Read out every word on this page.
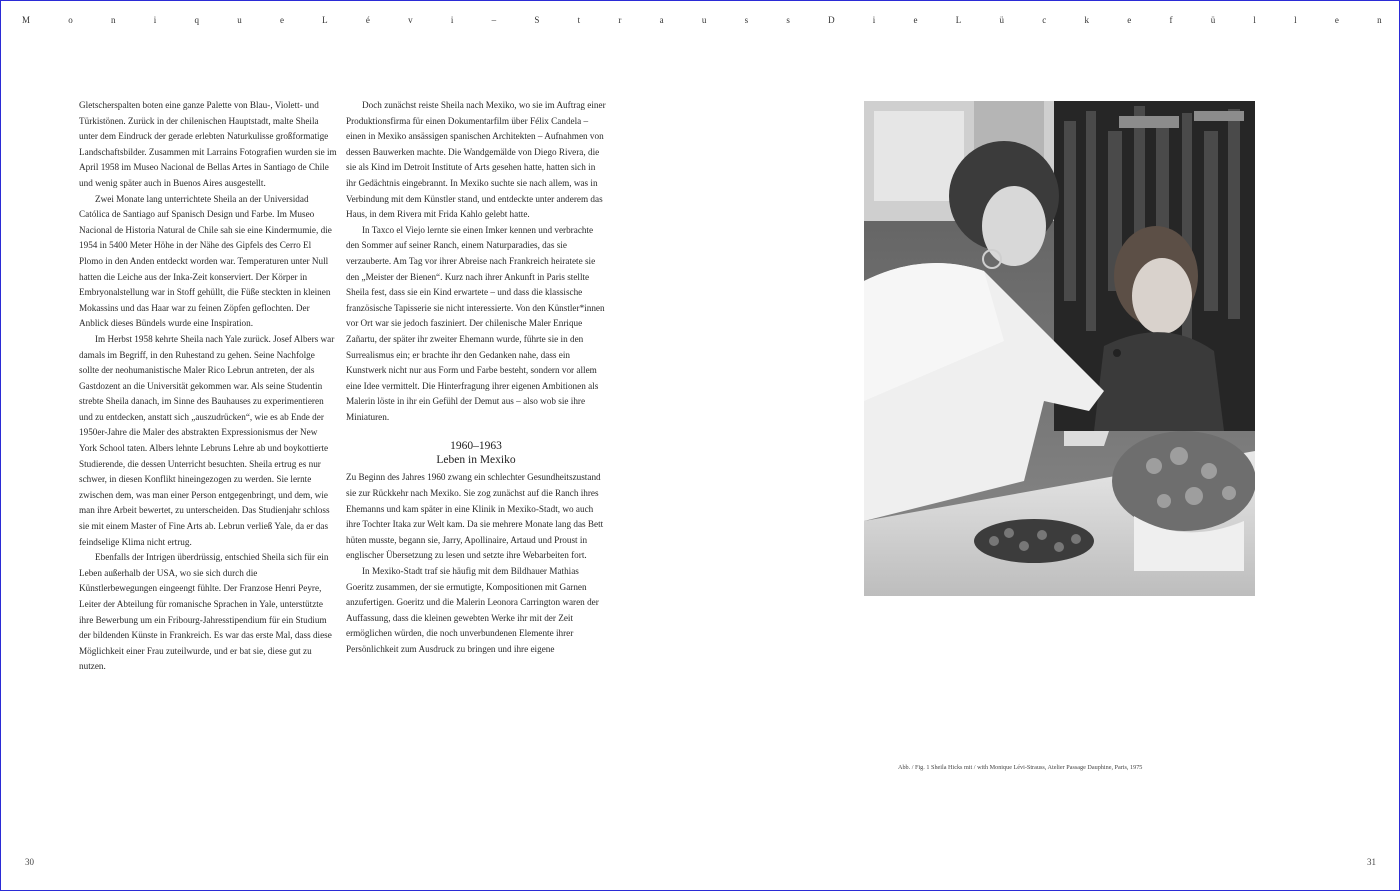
M	o	n	i	q	u	e	L	é	v	i	–	S	t	r	a	u	s	s	D	i	e	L	ü	c	k	e	f	ü	l	l	e	n

Gletscherspalten boten eine ganze Palette von Blau-, Violett- und Türkistönen. Zurück in der chilenischen Hauptstadt, malte Sheila unter dem Eindruck der gerade erlebten Naturkulisse großformatige Landschaftsbilder. Zusammen mit Larrains Fotografien wurden sie im April 1958 im Museo Nacional de Bellas Artes in Santiago de Chile und wenig später auch in Buenos Aires ausgestellt.

Zwei Monate lang unterrichtete Sheila an der Universidad Católica de Santiago auf Spanisch Design und Farbe. Im Museo Nacional de Historia Natural de Chile sah sie eine Kindermumie, die 1954 in 5400 Meter Höhe in der Nähe des Gipfels des Cerro El Plomo in den Anden entdeckt worden war. Temperaturen unter Null hatten die Leiche aus der Inka-Zeit konserviert. Der Körper in Embryonalstellung war in Stoff gehüllt, die Füße steckten in kleinen Mokassins und das Haar war zu feinen Zöpfen geflochten. Der Anblick dieses Bündels wurde eine Inspiration.

Im Herbst 1958 kehrte Sheila nach Yale zurück. Josef Albers war damals im Begriff, in den Ruhestand zu gehen. Seine Nachfolge sollte der neohumanistische Maler Rico Lebrun antreten, der als Gastdozent an die Universität gekommen war. Als seine Studentin strebte Sheila danach, im Sinne des Bauhauses zu experimentieren und zu entdecken, anstatt sich „auszudrücken“, wie es ab Ende der 1950er-Jahre die Maler des abstrakten Expressionismus der New York School taten. Albers lehnte Lebruns Lehre ab und boykottierte Studierende, die dessen Unterricht besuchten. Sheila ertrug es nur schwer, in diesen Konflikt hineingezogen zu werden. Sie lernte zwischen dem, was man einer Person entgegenbringt, und dem, wie man ihre Arbeit bewertet, zu unterscheiden. Das Studienjahr schloss sie mit einem Master of Fine Arts ab. Lebrun verließ Yale, da er das feindselige Klima nicht ertrug.

Ebenfalls der Intrigen überdrüssig, entschied Sheila sich für ein Leben außerhalb der USA, wo sie sich durch die Künstlerbewegungen eingeengt fühlte. Der Franzose Henri Peyre, Leiter der Abteilung für romanische Sprachen in Yale, unterstützte ihre Bewerbung um ein Fribourg-Jahresstipendium für ein Studium der bildenden Künste in Frankreich. Es war das erste Mal, dass diese Möglichkeit einer Frau zuteilwurde, und er bat sie, diese gut zu nutzen.

Doch zunächst reiste Sheila nach Mexiko, wo sie im Auftrag einer Produktionsfirma für einen Dokumentarfilm über Félix Candela – einen in Mexiko ansässigen spanischen Architekten – Aufnahmen von dessen Bauwerken machte. Die Wandgemälde von Diego Rivera, die sie als Kind im Detroit Institute of Arts gesehen hatte, hatten sich in ihr Gedächtnis eingebrannt. In Mexiko suchte sie nach allem, was in Verbindung mit dem Künstler stand, und entdeckte unter anderem das Haus, in dem Rivera mit Frida Kahlo gelebt hatte.

In Taxco el Viejo lernte sie einen Imker kennen und verbrachte den Sommer auf seiner Ranch, einem Naturparadies, das sie verzauberte. Am Tag vor ihrer Abreise nach Frankreich heiratete sie den „Meister der Bienen“. Kurz nach ihrer Ankunft in Paris stellte Sheila fest, dass sie ein Kind erwartete – und dass die klassische französische Tapisserie sie nicht interessierte. Von den Künstler*innen vor Ort war sie jedoch fasziniert. Der chilenische Maler Enrique Zañartu, der später ihr zweiter Ehemann wurde, führte sie in den Surrealismus ein; er brachte ihr den Gedanken nahe, dass ein Kunstwerk nicht nur aus Form und Farbe besteht, sondern vor allem eine Idee vermittelt. Die Hinterfragung ihrer eigenen Ambitionen als Malerin löste in ihr ein Gefühl der Demut aus – also wob sie ihre Miniaturen.

1960–1963
Leben in Mexiko

Zu Beginn des Jahres 1960 zwang ein schlechter Gesundheitszustand sie zur Rückkehr nach Mexiko. Sie zog zunächst auf die Ranch ihres Ehemanns und kam später in eine Klinik in Mexiko-Stadt, wo auch ihre Tochter Itaka zur Welt kam. Da sie mehrere Monate lang das Bett hüten musste, begann sie, Jarry, Apollinaire, Artaud und Proust in englischer Übersetzung zu lesen und setzte ihre Webarbeiten fort.

In Mexiko-Stadt traf sie häufig mit dem Bildhauer Mathias Goeritz zusammen, der sie ermutigte, Kompositionen mit Garnen anzufertigen. Goeritz und die Malerin Leonora Carrington waren der Auffassung, dass die kleinen gewebten Werke ihr mit der Zeit ermöglichen würden, die noch unverbundenen Elemente ihrer Persönlichkeit zum Ausdruck zu bringen und ihre eigene

Abb. / Fig. 1 Sheila Hicks mit / with Monique Lévi-Strauss, Atelier Passage Dauphine, Paris, 1975
30	31
